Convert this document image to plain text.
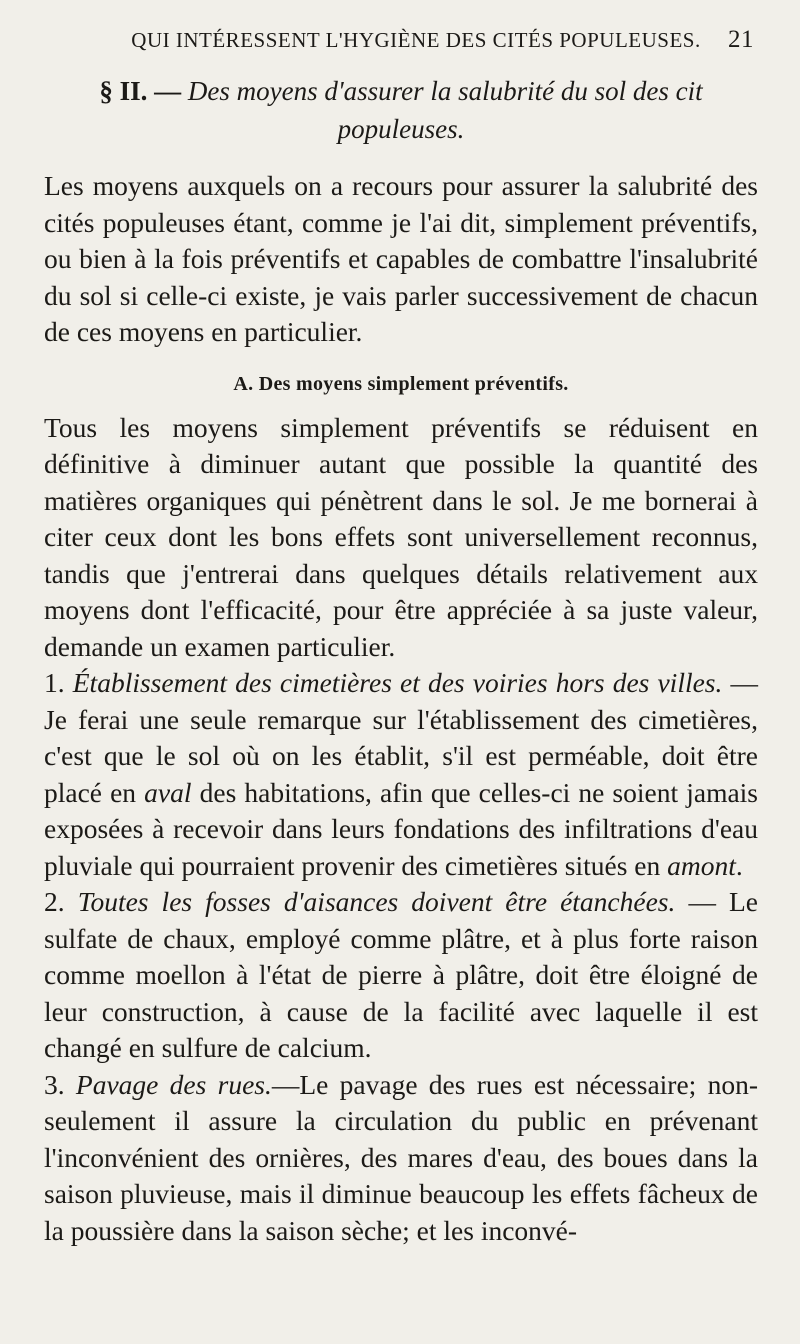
QUI INTÉRESSENT L'HYGIÈNE DES CITÉS POPULEUSES.	21
§ II. — Des moyens d'assurer la salubrité du sol des cit populeuses.

Les moyens auxquels on a recours pour assurer la salubrité des cités populeuses étant, comme je l'ai dit, simplement préventifs, ou bien à la fois préventifs et capables de combattre l'insalubrité du sol si celle-ci existe, je vais parler successivement de chacun de ces moyens en particulier.

A. Des moyens simplement préventifs.

Tous les moyens simplement préventifs se réduisent en définitive à diminuer autant que possible la quantité des matières organiques qui pénètrent dans le sol. Je me bornerai à citer ceux dont les bons effets sont universellement reconnus, tandis que j'entrerai dans quelques détails relativement aux moyens dont l'efficacité, pour être appréciée à sa juste valeur, demande un examen particulier.

1. Établissement des cimetières et des voiries hors des villes. — Je ferai une seule remarque sur l'établissement des cimetières, c'est que le sol où on les établit, s'il est perméable, doit être placé en aval des habitations, afin que celles-ci ne soient jamais exposées à recevoir dans leurs fondations des infiltrations d'eau pluviale qui pourraient provenir des cimetières situés en amont.

2. Toutes les fosses d'aisances doivent être étanchées. — Le sulfate de chaux, employé comme plâtre, et à plus forte raison comme moellon à l'état de pierre à plâtre, doit être éloigné de leur construction, à cause de la facilité avec laquelle il est changé en sulfure de calcium.

3. Pavage des rues.—Le pavage des rues est nécessaire; non-seulement il assure la circulation du public en prévenant l'inconvénient des ornières, des mares d'eau, des boues dans la saison pluvieuse, mais il diminue beaucoup les effets fâcheux de la poussière dans la saison sèche; et les inconvé-
